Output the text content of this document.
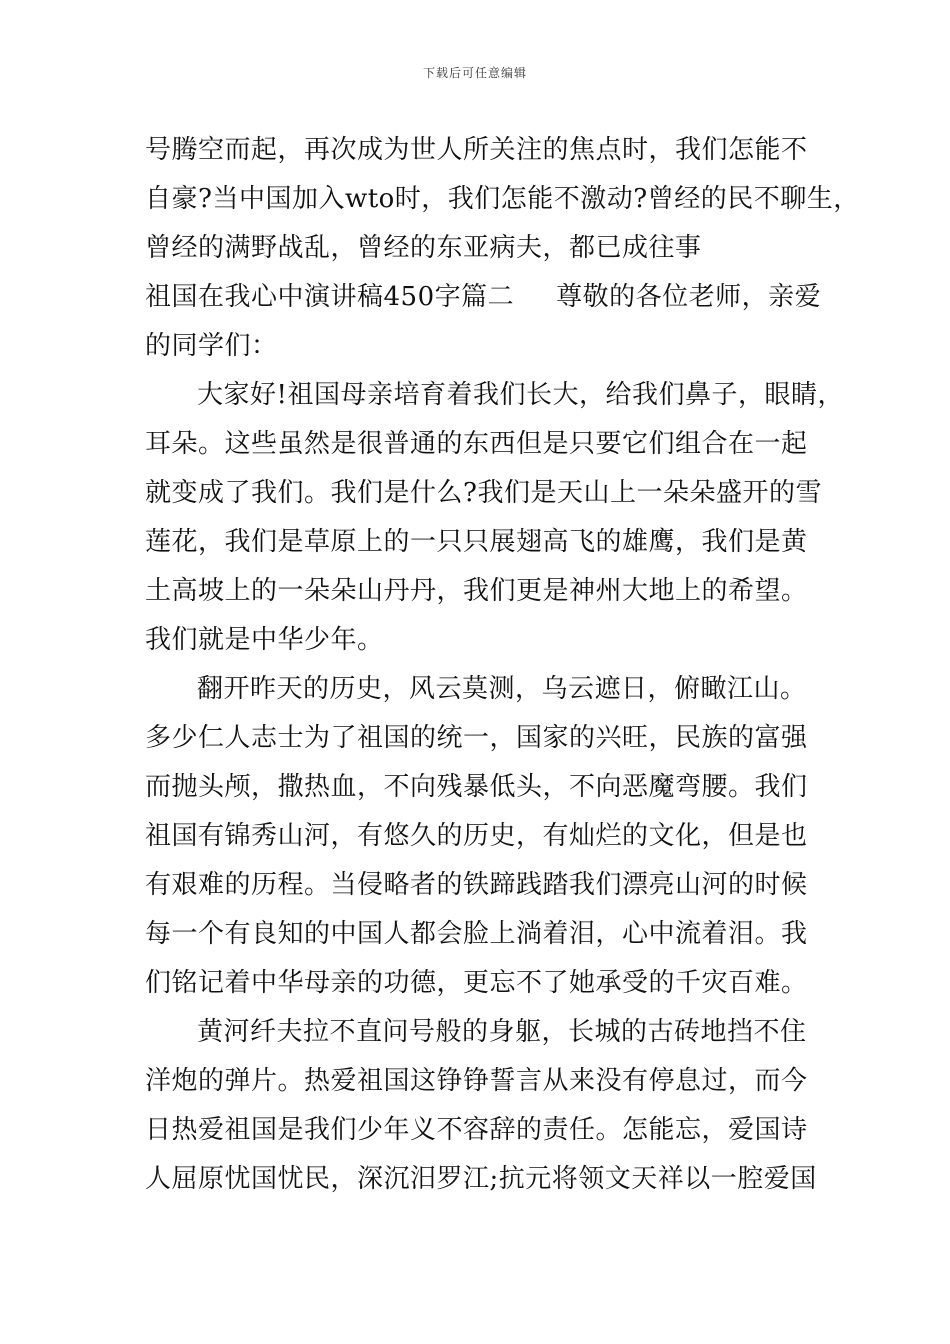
下载后可任意编辑
号腾空而起，再次成为世人所关注的焦点时，我们怎能不
自豪?当中国加入wto时，我们怎能不激动?曾经的民不聊生，
曾经的满野战乱，曾经的东亚病夫，都已成往事
祖国在我心中演讲稿450字篇二 尊敬的各位老师，亲爱
的同学们：
大家好!祖国母亲培育着我们长大，给我们鼻子，眼睛，
耳朵。这些虽然是很普通的东西但是只要它们组合在一起
就变成了我们。我们是什么?我们是天山上一朵朵盛开的雪
莲花，我们是草原上的一只只展翅高飞的雄鹰，我们是黄
土高坡上的一朵朵山丹丹，我们更是神州大地上的希望。
我们就是中华少年。
翻开昨天的历史，风云莫测，乌云遮日，俯瞰江山。
多少仁人志士为了祖国的统一，国家的兴旺，民族的富强
而抛头颅，撒热血，不向残暴低头，不向恶魔弯腰。我们
祖国有锦秀山河，有悠久的历史，有灿烂的文化，但是也
有艰难的历程。当侵略者的铁蹄践踏我们漂亮山河的时候
每一个有良知的中国人都会脸上淌着泪，心中流着泪。我
们铭记着中华母亲的功德，更忘不了她承受的千灾百难。
黄河纤夫拉不直问号般的身躯，长城的古砖地挡不住
洋炮的弹片。热爱祖国这铮铮誓言从来没有停息过，而今
日热爱祖国是我们少年义不容辞的责任。怎能忘，爱国诗
人屈原忧国忧民，深沉汨罗江;抗元将领文天祥以一腔爱国
